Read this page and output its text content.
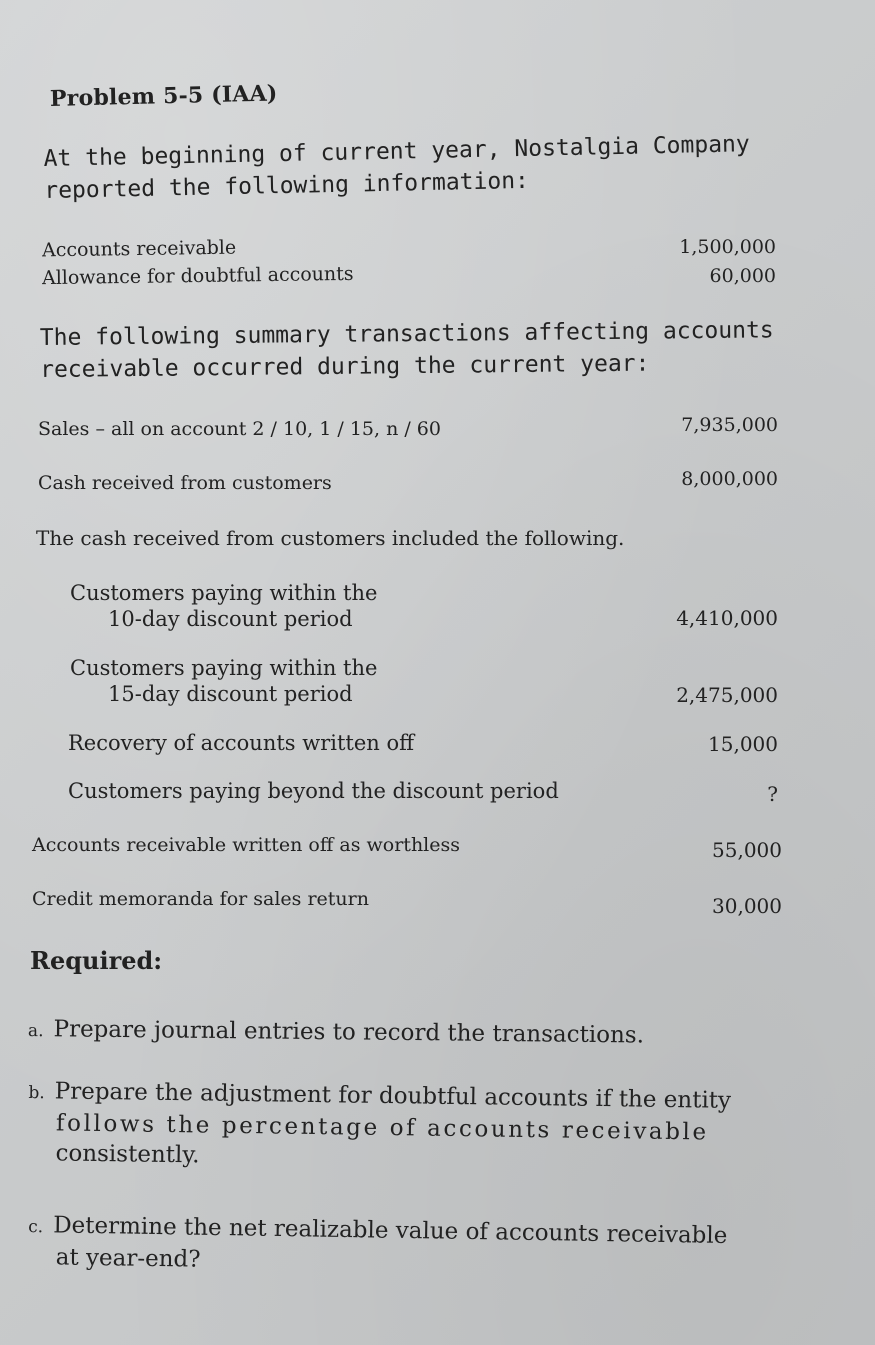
Problem 5-5 (IAA)
At the beginning of current year, Nostalgia Company
reported the following information:
Accounts receivable	1,500,000
Allowance for doubtful accounts	60,000
The following summary transactions affecting accounts
receivable occurred during the current year:
Sales – all on account 2 / 10, 1 / 15, n / 60	7,935,000
Cash received from customers	8,000,000
The cash received from customers included the following.
Customers paying within the
10-day discount period	4,410,000
Customers paying within the
15-day discount period	2,475,000
Recovery of accounts written off	15,000
Customers paying beyond the discount period	?
Accounts receivable written off as worthless	55,000
Credit memoranda for sales return	30,000
Required:
a. Prepare journal entries to record the transactions.
b. Prepare the adjustment for doubtful accounts if the entity
follows the percentage of accounts receivable
consistently.
c. Determine the net realizable value of accounts receivable
at year-end?
